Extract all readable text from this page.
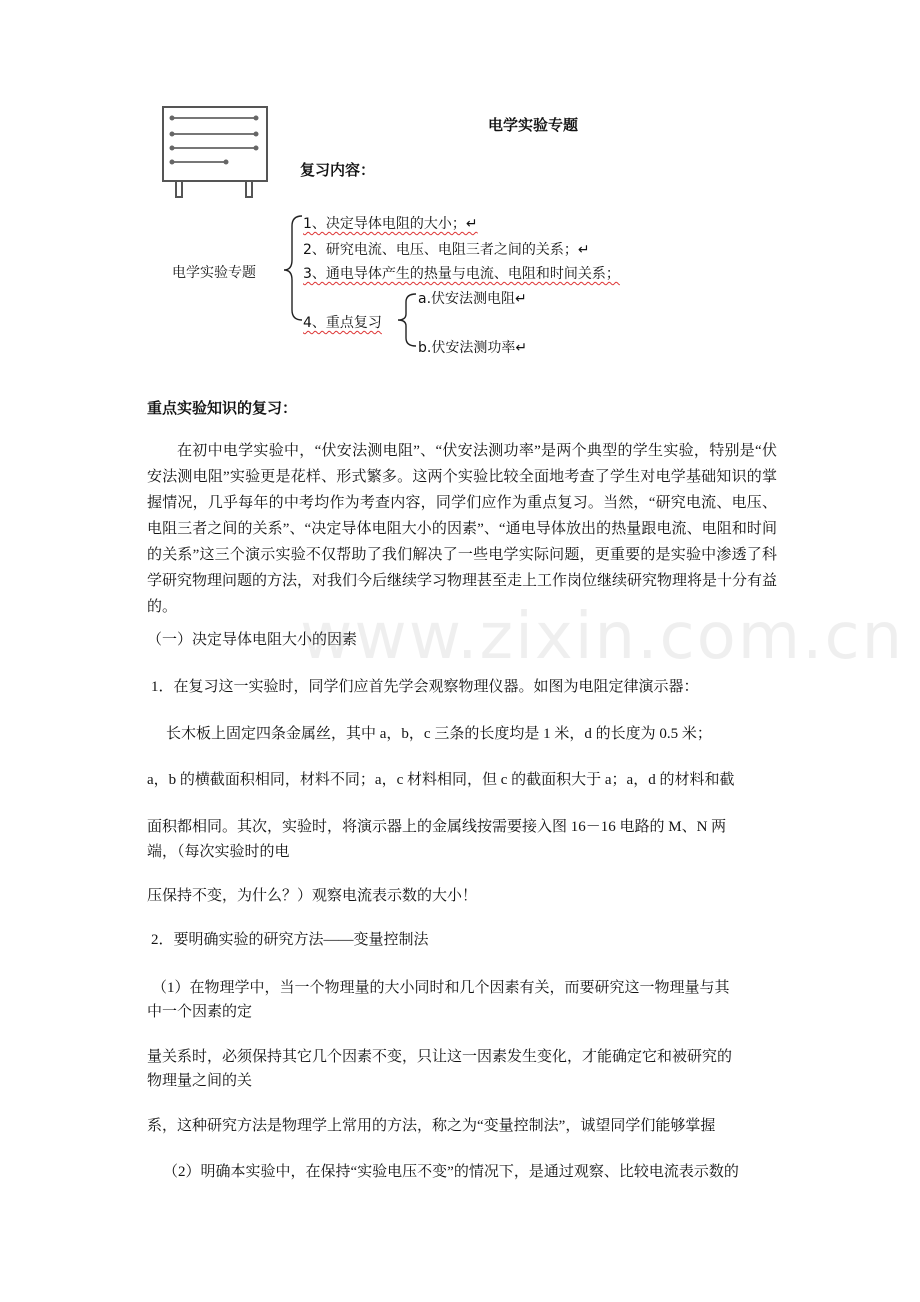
电学实验专题
复习内容：
电学实验专题
1、决定导体电阻的大小；↵
2、研究电流、电压、电阻三者之间的关系；↵
3、通电导体产生的热量与电流、电阻和时间关系；
4、重点复习
a.伏安法测电阻↵
b.伏安法测功率↵
重点实验知识的复习：
在初中电学实验中，“伏安法测电阻”、“伏安法测功率”是两个典型的学生实验，特别是“伏安法测电阻”实验更是花样、形式繁多。这两个实验比较全面地考查了学生对电学基础知识的掌握情况，几乎每年的中考均作为考查内容，同学们应作为重点复习。当然，“研究电流、电压、电阻三者之间的关系”、“决定导体电阻大小的因素”、“通电导体放出的热量跟电流、电阻和时间的关系”这三个演示实验不仅帮助了我们解决了一些电学实际问题，更重要的是实验中渗透了科学研究物理问题的方法，对我们今后继续学习物理甚至走上工作岗位继续研究物理将是十分有益的。	www.zixin.com.cn
（一）决定导体电阻大小的因素
1．在复习这一实验时，同学们应首先学会观察物理仪器。如图为电阻定律演示器：
长木板上固定四条金属丝，其中 a，b，c 三条的长度均是 1 米，d 的长度为 0.5 米；
a，b 的横截面积相同，材料不同；a，c 材料相同，但 c 的截面积大于 a；a，d 的材料和截
面积都相同。其次，实验时，将演示器上的金属线按需要接入图 16－16 电路的 M、N 两
端，（每次实验时的电
压保持不变，为什么？）观察电流表示数的大小！
2．要明确实验的研究方法——变量控制法
（1）在物理学中，当一个物理量的大小同时和几个因素有关，而要研究这一物理量与其
中一个因素的定
量关系时，必须保持其它几个因素不变，只让这一因素发生变化，才能确定它和被研究的
物理量之间的关
系，这种研究方法是物理学上常用的方法，称之为“变量控制法”，诚望同学们能够掌握
（2）明确本实验中，在保持“实验电压不变”的情况下，是通过观察、比较电流表示数的
